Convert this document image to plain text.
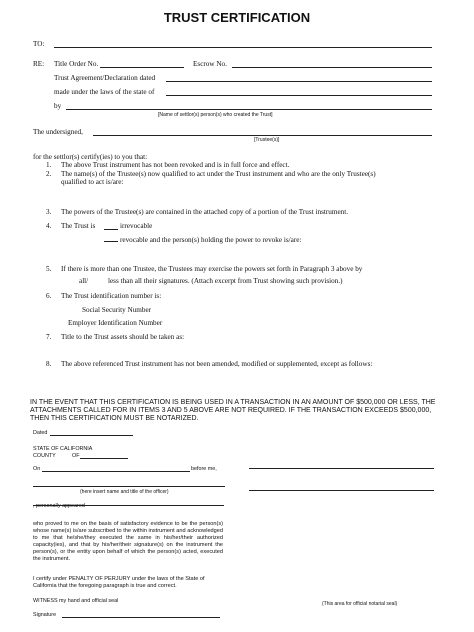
TRUST CERTIFICATION
TO:
RE: Title Order No.	Escrow No.
Trust Agreement/Declaration dated
made under the laws of the state of
by
[Name of settlor(s) person(s) who created the Trust]
The undersigned,
[Trustee(s)]
for the settlor(s) certify(ies) to you that:
1. The above Trust instrument has not been revoked and is in full force and effect.
2. The name(s) of the Trustee(s) now qualified to act under the Trust instrument and who are the only Trustee(s)
qualified to act is/are:
3. The powers of the Trustee(s) are contained in the attached copy of a portion of the Trust instrument.
4. The Trust is	irrevocable
revocable and the person(s) holding the power to revoke is/are:
5. If there is more than one Trustee, the Trustees may exercise the powers set forth in Paragraph 3 above by
all/	less than all their signatures. (Attach excerpt from Trust showing such provision.)
6. The Trust identification number is:
Social Security Number
Employer Identification Number
7. Title to the Trust assets should be taken as:
8. The above referenced Trust instrument has not been amended, modified or supplemented, except as follows:
IN THE EVENT THAT THIS CERTIFICATION IS BEING USED IN A TRANSACTION IN AN AMOUNT OF $500,000 OR LESS, THE
ATTACHMENTS CALLED FOR IN ITEMS 3 AND 5 ABOVE ARE NOT REQUIRED. IF THE TRANSACTION EXCEEDS $500,000,
THEN THIS CERTIFICATION MUST BE NOTARIZED.
Dated
STATE OF CALIFORNIA
COUNTY	OF
On	before me,
(here insert name and title of the officer)
, personally appeared
who proved to me on the basis of satisfactory evidence to be the person(s) whose name(s) is/are subscribed to the within instrument and acknowledged to me that he/she/they executed the same in his/her/their authorized capacity(ies), and that by his/her/their signature(s) on the instrument the person(s), or the entity upon behalf of which the person(s) acted, executed the instrument.
I certify under PENALTY OF PERJURY under the laws of the State of California that the foregoing paragraph is true and correct.
WITNESS my hand and official seal
Signature
(This area for official notarial seal)
